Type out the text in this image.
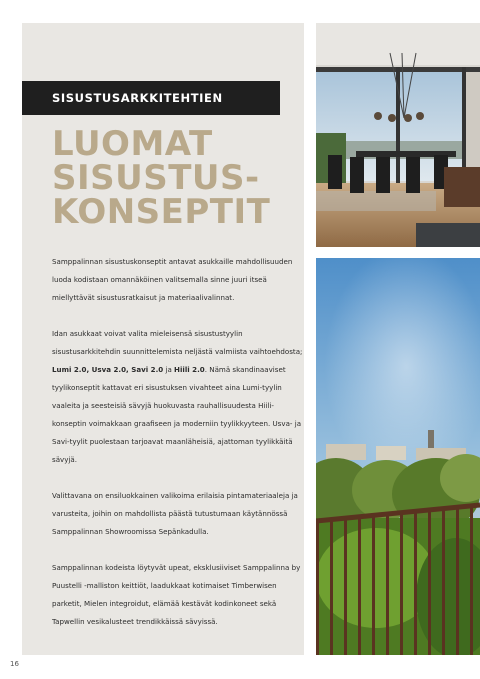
SISUSTUSARKKITEHTIEN
LUOMAT
SISUSTUS-
KONSEPTIT

Samppalinnan sisustuskonseptit antavat asukkaille mahdollisuuden luoda kodistaan omannäköinen valitsemalla sinne juuri itseä miellyttävät sisustusratkaisut ja materiaalivalinnat.

Idan asukkaat voivat valita mieleisensä sisustustyylin sisustusarkkitehdin suunnittelemista neljästä valmiista vaihtoehdosta; Lumi 2.0, Usva 2.0, Savi 2.0 ja Hiili 2.0. Nämä skandinaaviset tyylikonseptit kattavat eri sisustuksen vivahteet aina Lumi-tyylin vaaleita ja seesteisiä sävyjä huokuvasta rauhallisuudesta Hiili-konseptin voimakkaan graafiseen ja moderniin tyylikkyyteen. Usva- ja Savi-tyylit puolestaan tarjoavat maanläheisiä, ajattoman tyylikkäitä sävyjä.

Valittavana on ensiluokkainen valikoima erilaisia pintamateriaaleja ja varusteita, joihin on mahdollista päästä tutustumaan käytännössä Samppalinnan Showroomissa Sepänkadulla.

Samppalinnan kodeista löytyvät upeat, eksklusiiviset Samppalinna by Puustelli -malliston keittiöt, laadukkaat kotimaiset Timberwisen parketit, Mielen integroidut, elämää kestävät kodinkoneet sekä Tapwellin vesikalusteet trendikkäissä sävyissä.

16
